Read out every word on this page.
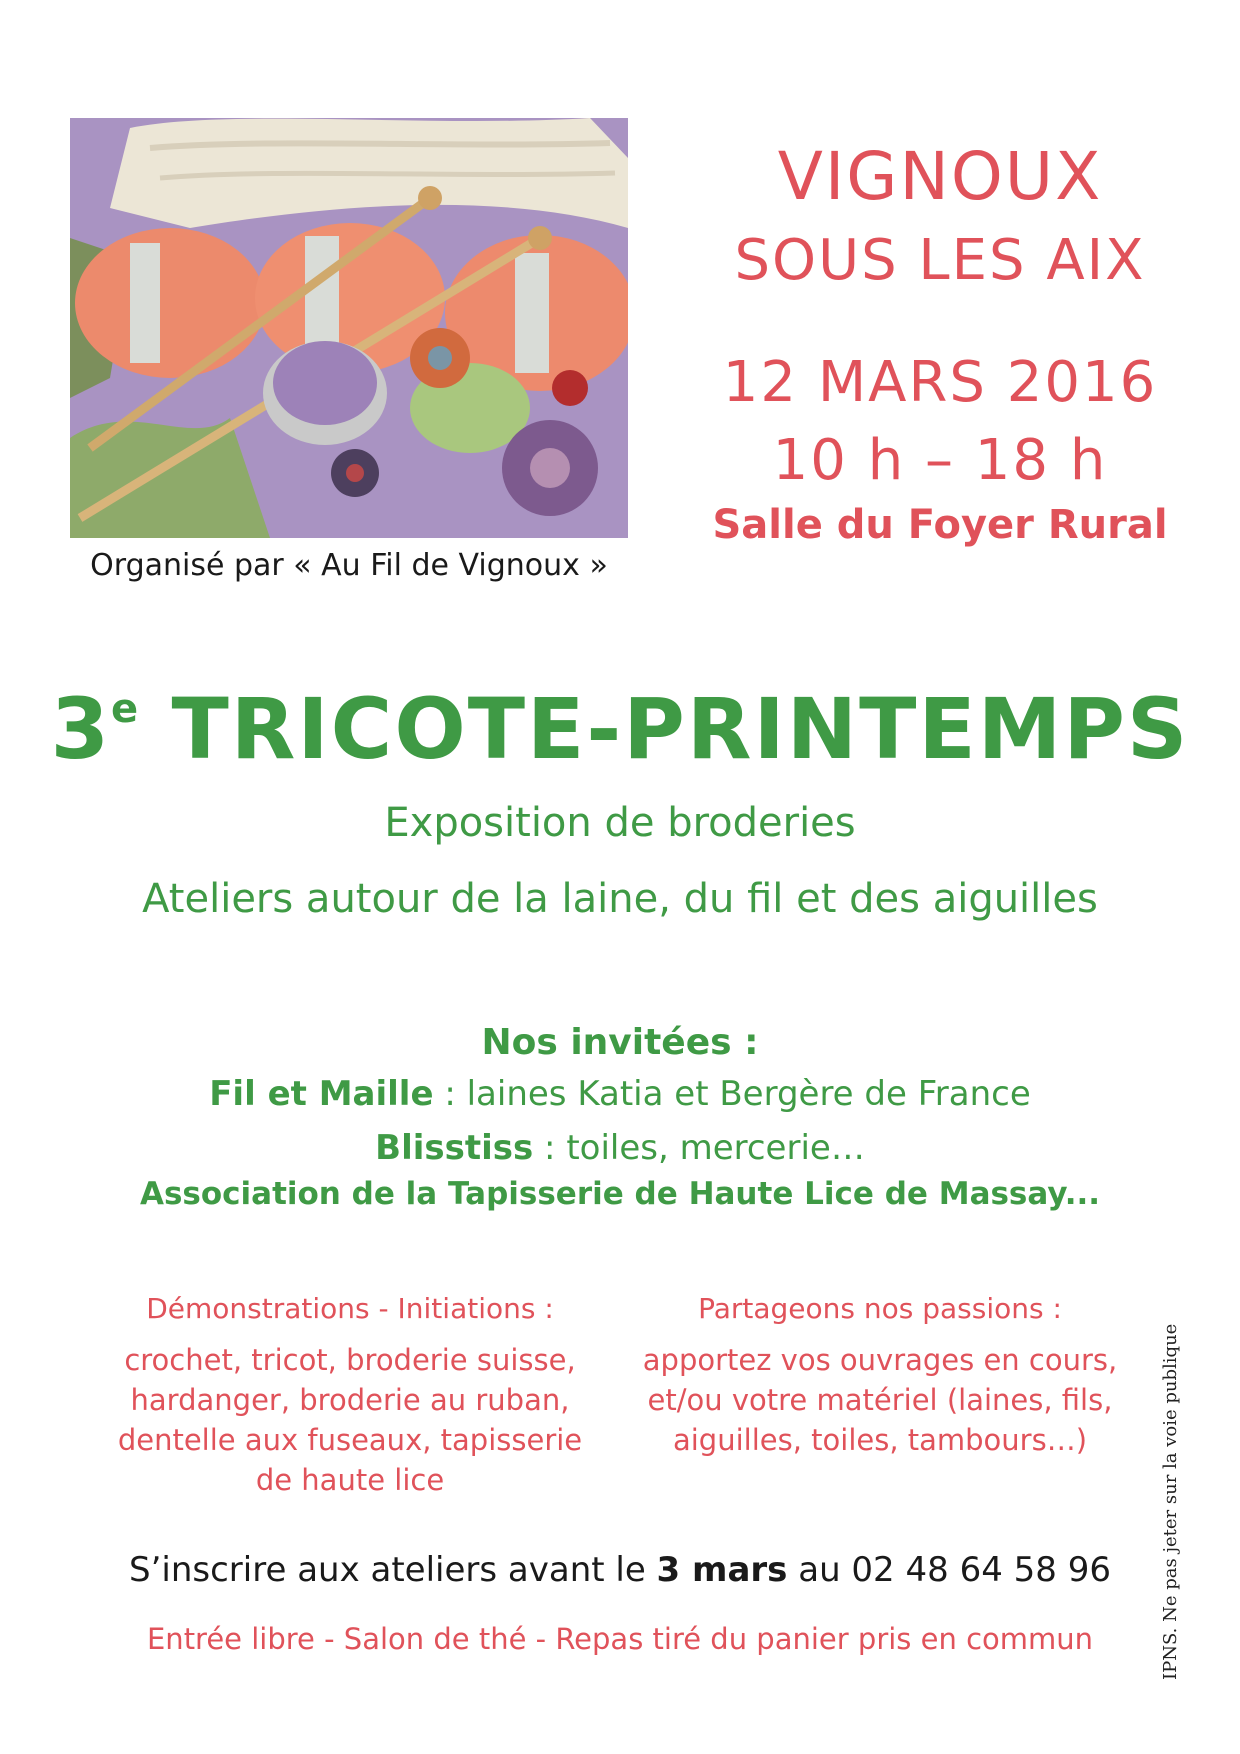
Organisé par « Au Fil de Vignoux »
VIGNOUX
SOUS LES AIX
12 MARS 2016
10 h – 18 h
Salle du Foyer Rural
3e TRICOTE-PRINTEMPS
Exposition de broderies
Ateliers autour de la laine, du fil et des aiguilles
Nos invitées :
Fil et Maille : laines Katia et Bergère de France
Blisstiss : toiles, mercerie…
Association de la Tapisserie de Haute Lice de Massay...
Démonstrations - Initiations :
crochet, tricot, broderie suisse,
hardanger, broderie au ruban,
dentelle aux fuseaux, tapisserie
de haute lice
Partageons nos passions :
apportez vos ouvrages en cours,
et/ou votre matériel (laines, fils,
aiguilles, toiles, tambours…)
S’inscrire aux ateliers avant le 3 mars au 02 48 64 58 96
Entrée libre - Salon de thé - Repas tiré du panier pris en commun	IPNS. Ne pas jeter sur la voie publique
